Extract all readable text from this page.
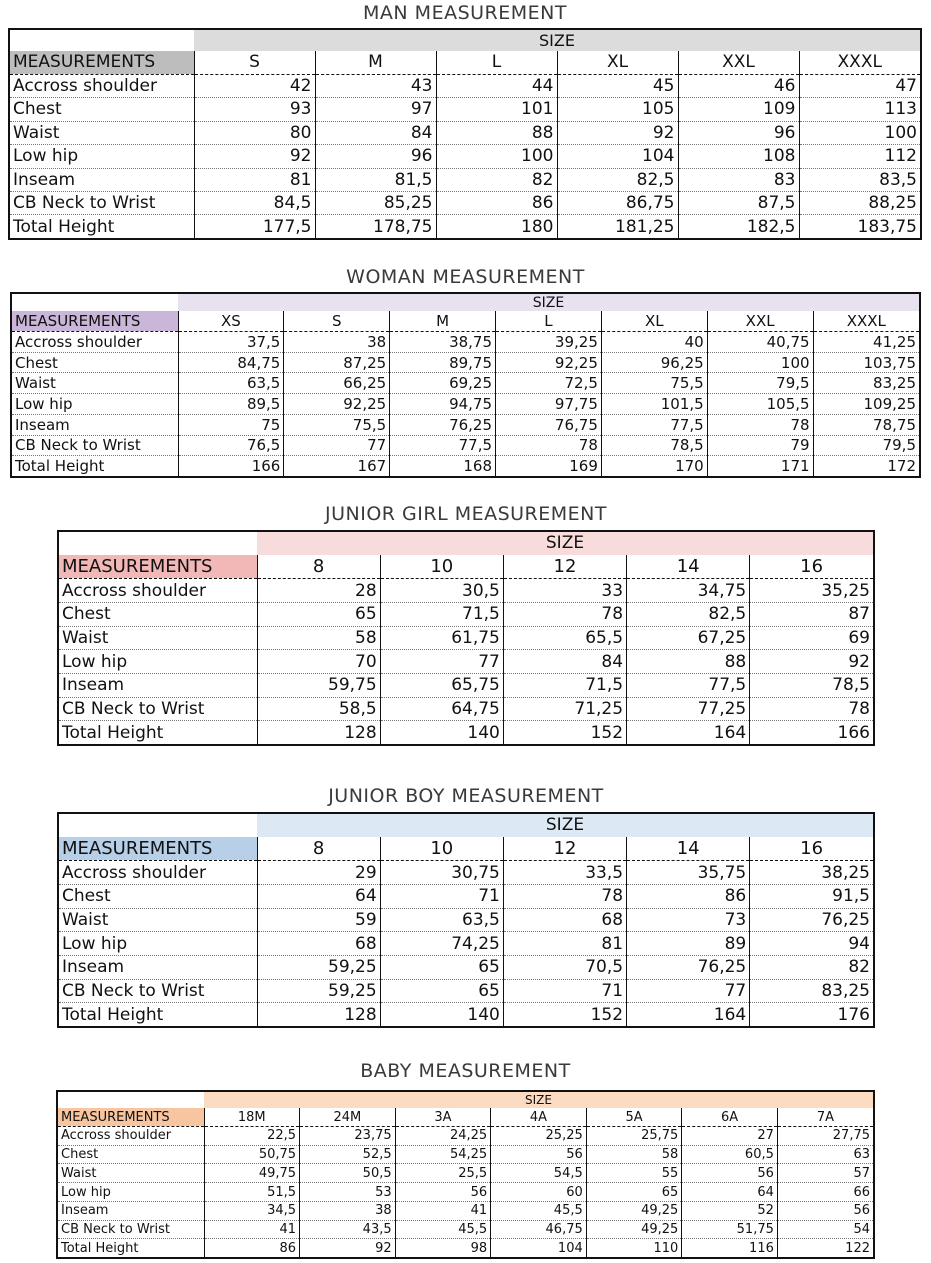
MAN MEASUREMENT
	SIZE					
MEASUREMENTS	S	M	L	XL	XXL	XXXL
Accross shoulder	42	43	44	45	46	47
Chest	93	97	101	105	109	113
Waist	80	84	88	92	96	100
Low hip	92	96	100	104	108	112
Inseam	81	81,5	82	82,5	83	83,5
CB Neck to Wrist	84,5	85,25	86	86,75	87,5	88,25
Total Height	177,5	178,75	180	181,25	182,5	183,75
WOMAN MEASUREMENT
	SIZE						
MEASUREMENTS	XS	S	M	L	XL	XXL	XXXL
Accross shoulder	37,5	38	38,75	39,25	40	40,75	41,25
Chest	84,75	87,25	89,75	92,25	96,25	100	103,75
Waist	63,5	66,25	69,25	72,5	75,5	79,5	83,25
Low hip	89,5	92,25	94,75	97,75	101,5	105,5	109,25
Inseam	75	75,5	76,25	76,75	77,5	78	78,75
CB Neck to Wrist	76,5	77	77,5	78	78,5	79	79,5
Total Height	166	167	168	169	170	171	172
JUNIOR GIRL MEASUREMENT
	SIZE				
MEASUREMENTS	8	10	12	14	16
Accross shoulder	28	30,5	33	34,75	35,25
Chest	65	71,5	78	82,5	87
Waist	58	61,75	65,5	67,25	69
Low hip	70	77	84	88	92
Inseam	59,75	65,75	71,5	77,5	78,5
CB Neck to Wrist	58,5	64,75	71,25	77,25	78
Total Height	128	140	152	164	166
JUNIOR BOY MEASUREMENT
	SIZE				
MEASUREMENTS	8	10	12	14	16
Accross shoulder	29	30,75	33,5	35,75	38,25
Chest	64	71	78	86	91,5
Waist	59	63,5	68	73	76,25
Low hip	68	74,25	81	89	94
Inseam	59,25	65	70,5	76,25	82
CB Neck to Wrist	59,25	65	71	77	83,25
Total Height	128	140	152	164	176
BABY MEASUREMENT
	SIZE						
MEASUREMENTS	18M	24M	3A	4A	5A	6A	7A
Accross shoulder	22,5	23,75	24,25	25,25	25,75	27	27,75
Chest	50,75	52,5	54,25	56	58	60,5	63
Waist	49,75	50,5	25,5	54,5	55	56	57
Low hip	51,5	53	56	60	65	64	66
Inseam	34,5	38	41	45,5	49,25	52	56
CB Neck to Wrist	41	43,5	45,5	46,75	49,25	51,75	54
Total Height	86	92	98	104	110	116	122
